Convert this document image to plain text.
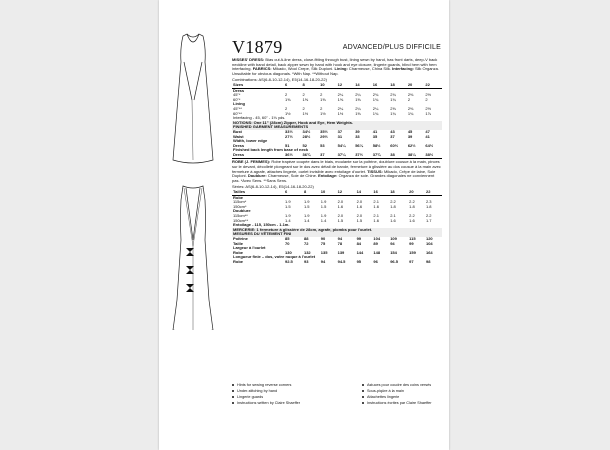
V1879	ADVANCED/PLUS DIFFICILE

MISSES' DRESS: Bias cut A-line dress, close-fitting through bust, lining sewn by hand, has front darts, deep-V back neckline with band detail, back zipper sewn by hand with hook and eye closure, lingerie guards, blind hem with hem interfacing. FABRICS: Mikado, Wool Crepe, Silk Dupioni. Lining: Charmeuse, China Silk. Interfacing: Silk Organza. Unsuitable for obvious diagonals. *With Nap. **Without Nap.

Combinations: AS(6-8-10-12-14), E5(14-16-18-20-22)
Sizes	6	8	10	12	14	16	18	20	22
Dress									
45"*	2	2	2	2¼	2¼	2¾	2¾	2⅜	2½
60"*	1⅝	1⅝	1⅝	1⅝	1⅝	1¾	1¾	2	2
Lining									
45"**	2	2	2	2¼	2¼	2¼	2⅜	2⅜	2½
60"**	1½	1½	1½	1½	1⅝	1¾	1¾	1¾	1⅞
Interfacing - 45, 60" - 1⅛ yds.									
NOTIONS: One 11" (28cm) Zipper, Hook and Eye, Hem Weights.									
FINISHED GARMENT MEASUREMENTS									
Bust	33½	34½	35½	37	39	41	43	45	47
Waist	27½	28½	29½	31	33	35	37	39	41
Width, lower edge									
Dress	51	52	53	54¼	56¼	58½	60½	62½	64½
Finished back length from base of neck									
Dress	36½	36¾	37	37¼	37½	37¾	38	38¼	38½

ROBE (J. FEMMES): Robe trapèze coupée dans le biais, moulante sur la poitrine, doublure cousue à la main, pinces sur le devant, décolleté plongeant sur le dos avec détail de bande, fermeture à glissière au dos cousue à la main avec fermeture à agrafe, attaches lingerie, ourlet invisible avec entoilage d'ourlet. TISSUS: Mikado, Crêpe de laine, Soie Dupioni. Doublure: Charmeuse, Soie de Chine. Entoilage: Organza de soie. Grandes diagonales ne conviennent pas. *Avec Sens. **Sans Sens.

Séries: AS(6-8-10-12-14), E5(14-16-18-20-22)
Tailles	6	8	10	12	14	16	18	20	22
Robe									
115cm*	1.9	1.9	1.9	2.0	2.0	2.1	2.2	2.2	2.3
150cm*	1.5	1.5	1.5	1.6	1.6	1.6	1.8	1.8	1.8
Doublure									
115cm**	1.9	1.9	1.9	2.0	2.0	2.1	2.1	2.2	2.2
150cm**	1.4	1.4	1.4	1.5	1.5	1.6	1.6	1.6	1.7
Entoilage - 115, 150cm - 1.1m.									
MERCERIE: 1 fermeture à glissière de 28cm, agrafe, plombs pour l'ourlet.									
MESURES DU VÊTEMENT FINI									
Poitrine	85	88	90	94	99	104	109	115	120
Taille	70	72	75	78	84	89	94	99	104
Largeur à l'ourlet									
Robe	130	132	135	139	144	148	154	159	164
Longueur finie – dos, votre nuque à l'ourlet									
Robe	92.5	93	94	94.5	95	96	96.5	97	98
Hints for sewing reverse corners
Under-stitching by hand
Lingerie guards
Instructions written by Claire Shaeffer
Astuces pour coudre des coins versés
Sous-piqûre à la main
Attachettes lingerie
Instructions écrites par Claire Shaeffer
